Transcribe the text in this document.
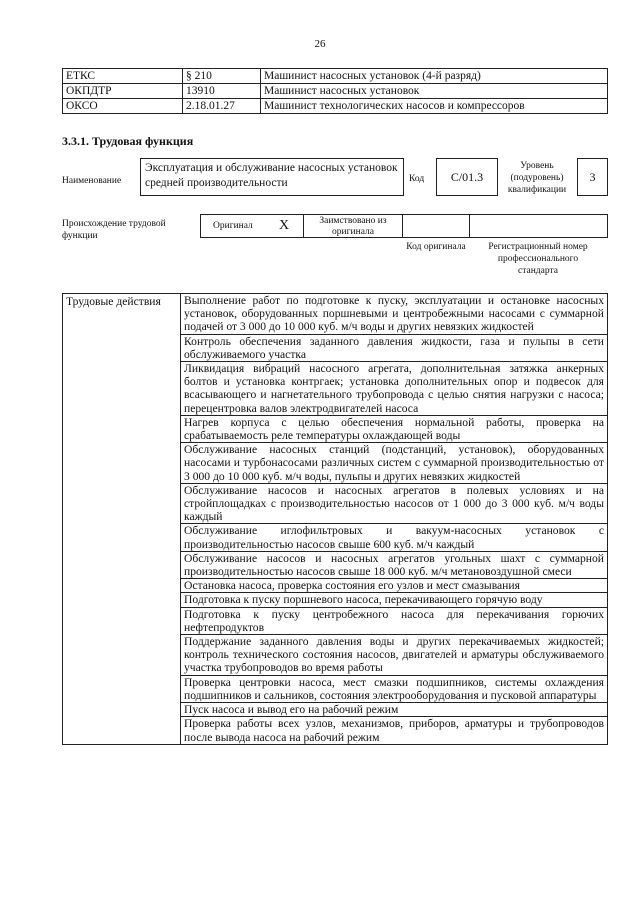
26
ЕТКС	§ 210	Машинист насосных установок (4-й разряд)
ОКПДТР	13910	Машинист насосных установок
ОКСО	2.18.01.27	Машинист технологических насосов и компрессоров
3.3.1. Трудовая функция
Наименование
Эксплуатация и обслуживание насосных установок средней производительности	Код	C/01.3
Уровень (подуровень) квалификации
3
Происхождение трудовой функции
Оригинал X	Заимствовано из оригинала
Код оригинала	Регистрационный номер профессионального стандарта
Трудовые действия	Выполнение работ по подготовке к пуску, эксплуатации и остановке насосных установок, оборудованных поршневыми и центробежными насосами с суммарной подачей от 3 000 до 10 000 куб. м/ч воды и других невязких жидкостей
Контроль обеспечения заданного давления жидкости, газа и пульпы в сети обслуживаемого участка
Ликвидация вибраций насосного агрегата, дополнительная затяжка анкерных болтов и установка контргаек; установка дополнительных опор и подвесок для всасывающего и нагнетательного трубопровода с целью снятия нагрузки с насоса; перецентровка валов электродвигателей насоса
Нагрев корпуса с целью обеспечения нормальной работы, проверка на срабатываемость реле температуры охлаждающей воды
Обслуживание насосных станций (подстанций, установок), оборудованных насосами и турбонасосами различных систем с суммарной производительностью от 3 000 до 10 000 куб. м/ч воды, пульпы и других невязких жидкостей
Обслуживание насосов и насосных агрегатов в полевых условиях и на стройплощадках с производительностью насосов от 1 000 до 3 000 куб. м/ч воды каждый
Обслуживание иглофильтровых и вакуум-насосных установок с производительностью насосов свыше 600 куб. м/ч каждый
Обслуживание насосов и насосных агрегатов угольных шахт с суммарной производительностью насосов свыше 18 000 куб. м/ч метановоздушной смеси
Остановка насоса, проверка состояния его узлов и мест смазывания
Подготовка к пуску поршневого насоса, перекачивающего горячую воду
Подготовка к пуску центробежного насоса для перекачивания горючих нефтепродуктов
Поддержание заданного давления воды и других перекачиваемых жидкостей; контроль технического состояния насосов, двигателей и арматуры обслуживаемого участка трубопроводов во время работы
Проверка центровки насоса, мест смазки подшипников, системы охлаждения подшипников и сальников, состояния электрооборудования и пусковой аппаратуры
Пуск насоса и вывод его на рабочий режим
Проверка работы всех узлов, механизмов, приборов, арматуры и трубопроводов после вывода насоса на рабочий режим
